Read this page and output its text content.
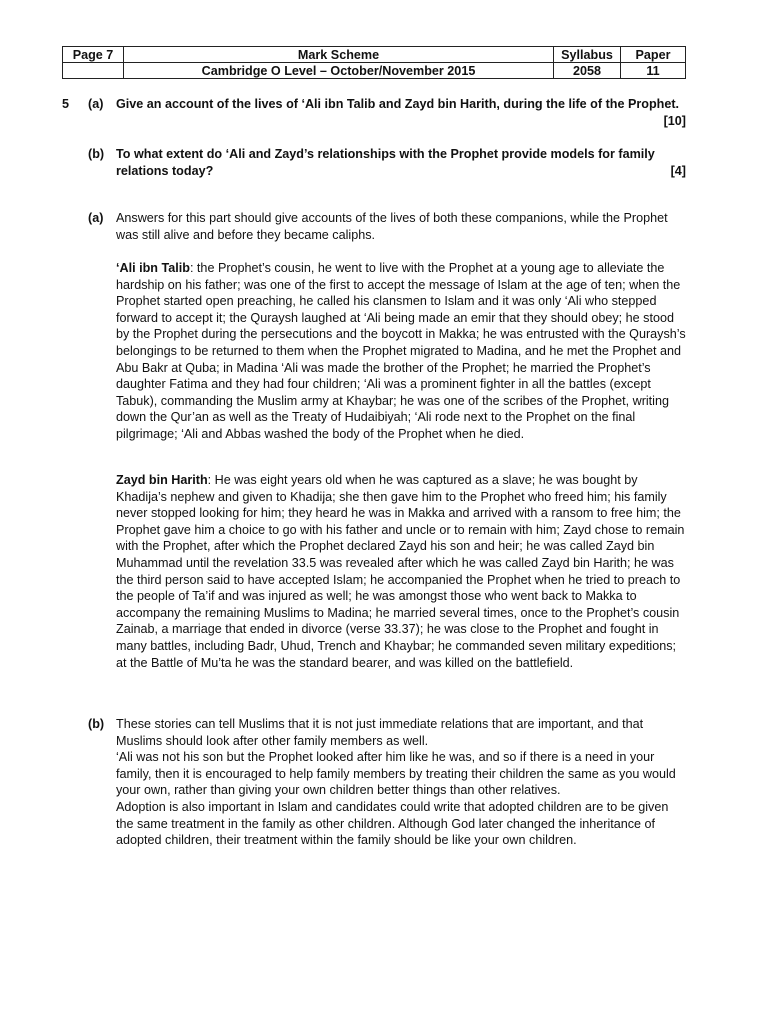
Page 7	Mark Scheme	Syllabus	Paper
	Cambridge O Level – October/November 2015	2058	11
5 (a) Give an account of the lives of ‘Ali ibn Talib and Zayd bin Harith, during the life of the Prophet.
[10]
(b) To what extent do ‘Ali and Zayd’s relationships with the Prophet provide models for family relations today?	[4]
(a) Answers for this part should give accounts of the lives of both these companions, while the Prophet was still alive and before they became caliphs.

‘Ali ibn Talib: the Prophet’s cousin, he went to live with the Prophet at a young age to alleviate the hardship on his father; was one of the first to accept the message of Islam at the age of ten; when the Prophet started open preaching, he called his clansmen to Islam and it was only ‘Ali who stepped forward to accept it; the Quraysh laughed at ‘Ali being made an emir that they should obey; he stood by the Prophet during the persecutions and the boycott in Makka; he was entrusted with the Quraysh’s belongings to be returned to them when the Prophet migrated to Madina, and he met the Prophet and Abu Bakr at Quba; in Madina ‘Ali was made the brother of the Prophet; he married the Prophet’s daughter Fatima and they had four children; ‘Ali was a prominent fighter in all the battles (except Tabuk), commanding the Muslim army at Khaybar; he was one of the scribes of the Prophet, writing down the Qur’an as well as the Treaty of Hudaibiyah; ‘Ali rode next to the Prophet on the final pilgrimage; ‘Ali and Abbas washed the body of the Prophet when he died.

Zayd bin Harith: He was eight years old when he was captured as a slave; he was bought by Khadija’s nephew and given to Khadija; she then gave him to the Prophet who freed him; his family never stopped looking for him; they heard he was in Makka and arrived with a ransom to free him; the Prophet gave him a choice to go with his father and uncle or to remain with him; Zayd chose to remain with the Prophet, after which the Prophet declared Zayd his son and heir; he was called Zayd bin Muhammad until the revelation 33.5 was revealed after which he was called Zayd bin Harith; he was the third person said to have accepted Islam; he accompanied the Prophet when he tried to preach to the people of Ta’if and was injured as well; he was amongst those who went back to Makka to accompany the remaining Muslims to Madina; he married several times, once to the Prophet’s cousin Zainab, a marriage that ended in divorce (verse 33.37); he was close to the Prophet and fought in many battles, including Badr, Uhud, Trench and Khaybar; he commanded seven military expeditions; at the Battle of Mu’ta he was the standard bearer, and was killed on the battlefield.

(b) These stories can tell Muslims that it is not just immediate relations that are important, and that Muslims should look after other family members as well.

‘Ali was not his son but the Prophet looked after him like he was, and so if there is a need in your family, then it is encouraged to help family members by treating their children the same as you would your own, rather than giving your own children better things than other relatives.

Adoption is also important in Islam and candidates could write that adopted children are to be given the same treatment in the family as other children. Although God later changed the inheritance of adopted children, their treatment within the family should be like your own children.
